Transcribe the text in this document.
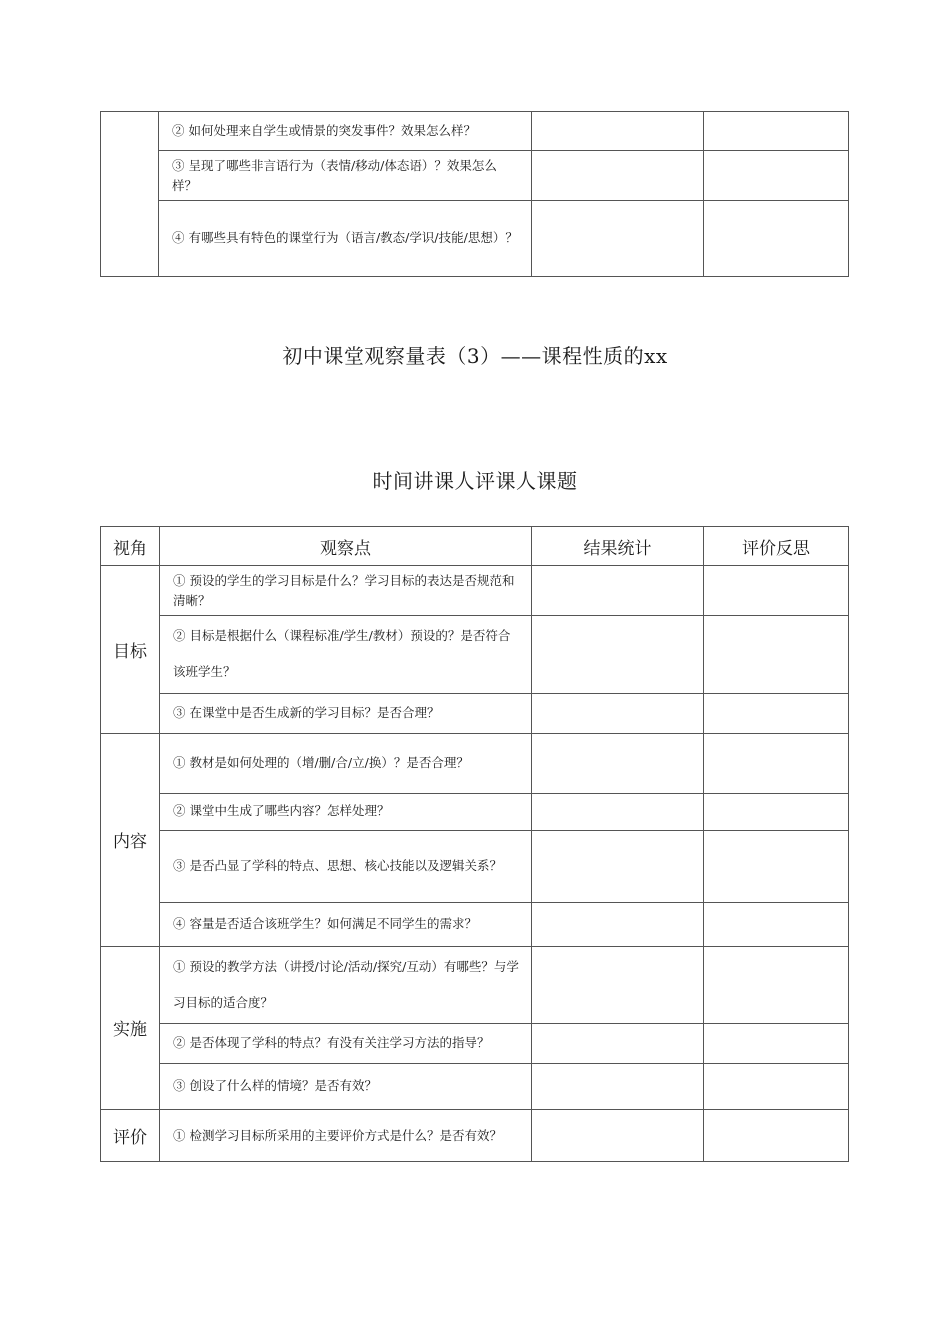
	② 如何处理来自学生或情景的突发事件？效果怎么样？		
	③ 呈现了哪些非言语行为（表情/移动/体态语）？效果怎么样？		
	④ 有哪些具有特色的课堂行为（语言/教态/学识/技能/思想）？		
初中课堂观察量表（3）——课程性质的xx
时间讲课人评课人课题
视角	观察点	结果统计	评价反思
目标	① 预设的学生的学习目标是什么？学习目标的表达是否规范和清晰？		
	② 目标是根据什么（课程标准/学生/教材）预设的？是否符合该班学生？		
	③ 在课堂中是否生成新的学习目标？是否合理？		
内容	① 教材是如何处理的（增/删/合/立/换）？是否合理？		
	② 课堂中生成了哪些内容？怎样处理？		
	③ 是否凸显了学科的特点、思想、核心技能以及逻辑关系？		
	④ 容量是否适合该班学生？如何满足不同学生的需求？		
实施	① 预设的教学方法（讲授/讨论/活动/探究/互动）有哪些？与学习目标的适合度？		
	② 是否体现了学科的特点？有没有关注学习方法的指导？		
	③ 创设了什么样的情境？是否有效？		
评价	① 检测学习目标所采用的主要评价方式是什么？是否有效？		
